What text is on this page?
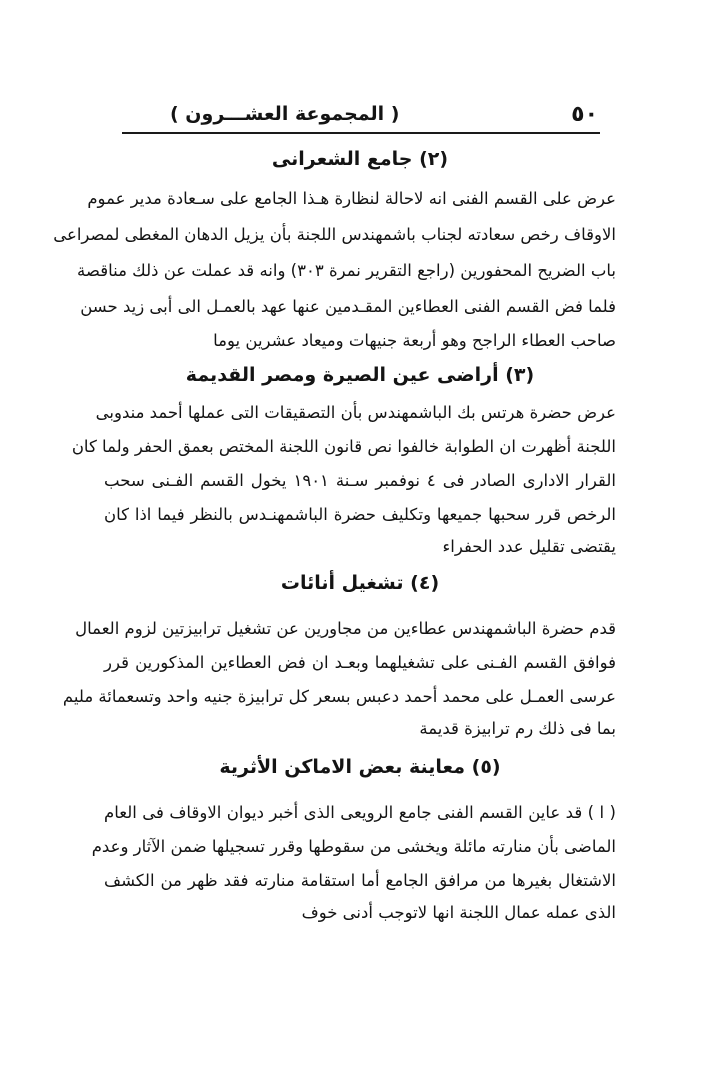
٥٠
( المجموعة العشـــرون )
(٢) جامع الشعرانى
عرض على القسم الفنى انه لاحالة لنظارة هـذا الجامع على سـعادة مدير عموم
الاوقاف رخص سعادته لجناب باشمهندس اللجنة بأن يزيل الدهان المغطى لمصراعى
باب الضريح المحفورين (راجع التقرير نمرة ٣٠٣) وانه قد عملت عن ذلك مناقصة
فلما فض القسم الفنى العطاءين المقـدمين عنها عهد بالعمـل الى أبى زيد حسن
صاحب العطاء الراجح وهو أربعة جنيهات وميعاد عشرين يوما
(٣) أراضى عين الصيرة ومصر القديمة
عرض حضرة هرتس بك الباشمهندس بأن التصقيقات التى عملها أحمد مندوبى
اللجنة أظهرت ان الطوابة خالفوا نص قانون اللجنة المختص بعمق الحفر ولما كان
القرار الادارى الصادر فى ٤ نوفمبر سـنة ١٩٠١ يخول القسم الفـنى سحب
الرخص قرر سحبها جميعها وتكليف حضرة الباشمهنـدس بالنظر فيما اذا كان
يقتضى تقليل عدد الحفراء
(٤) تشغيل أنائات
قدم حضرة الباشمهندس عطاءين من مجاورين عن تشغيل ترابيزتين لزوم العمال
فوافق القسم الفـنى على تشغيلهما وبعـد ان فض العطاءين المذكورين قرر
عرسى العمـل على محمد أحمد دعبس بسعر كل ترابيزة جنيه واحد وتسعمائة مليم
بما فى ذلك رم ترابيزة قديمة
(٥) معاينة بعض الاماكن الأثرية
( ا ) قد عاين القسم الفنى جامع الرويعى الذى أخبر ديوان الاوقاف فى العام
الماضى بأن منارته مائلة ويخشى من سقوطها وقرر تسجيلها ضمن الآثار وعدم
الاشتغال بغيرها من مرافق الجامع أما استقامة منارته فقد ظهر من الكشف
الذى عمله عمال اللجنة انها لاتوجب أدنى خوف
